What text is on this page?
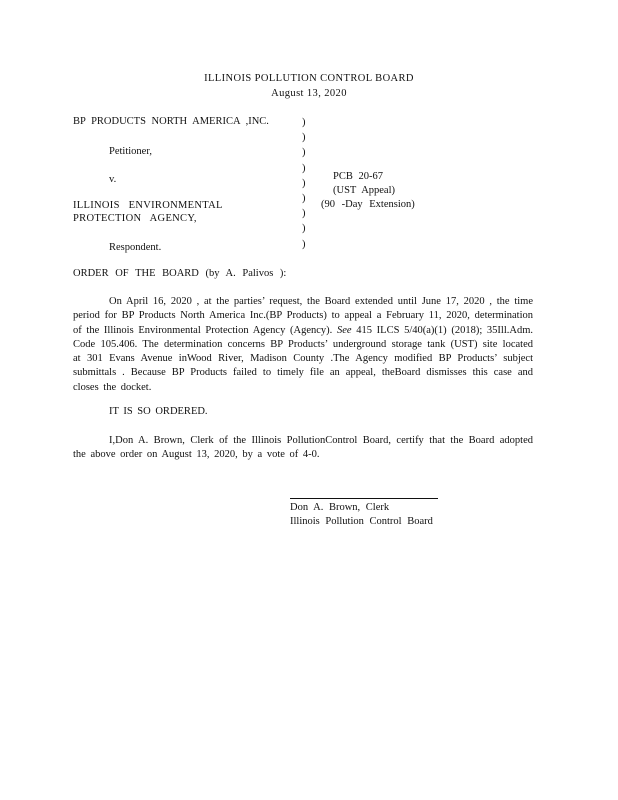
ILLINOIS POLLUTION CONTROL BOARD
August 13, 2020
BP PRODUCTS NORTH AMERICA ,INC.
Petitioner,
v.
ILLINOIS ENVIRONMENTAL
PROTECTION AGENCY,
Respondent.
)
)
)
)
)
)
)
)
)
PCB 20-67
(UST Appeal)
(90 -Day Extension)
ORDER OF THE BOARD (by A. Palivos ):
On April 16, 2020 , at the parties’ request, the Board extended until June 17, 2020 , the time period for BP Products North America Inc.(BP Products) to appeal a February 11, 2020, determination of the Illinois Environmental Protection Agency (Agency). See 415 ILCS 5/40(a)(1) (2018); 35Ill.Adm. Code 105.406. The determination concerns BP Products’ underground storage tank (UST) site located at 301 Evans Avenue inWood River, Madison County .The Agency modified BP Products’ subject submittals . Because BP Products failed to timely file an appeal, theBoard dismisses this case and closes the docket.
IT IS SO ORDERED.
I,Don A. Brown, Clerk of the Illinois PollutionControl Board, certify that the Board adopted the above order on August 13, 2020, by a vote of 4-0.
Don A. Brown, Clerk
Illinois Pollution Control Board
